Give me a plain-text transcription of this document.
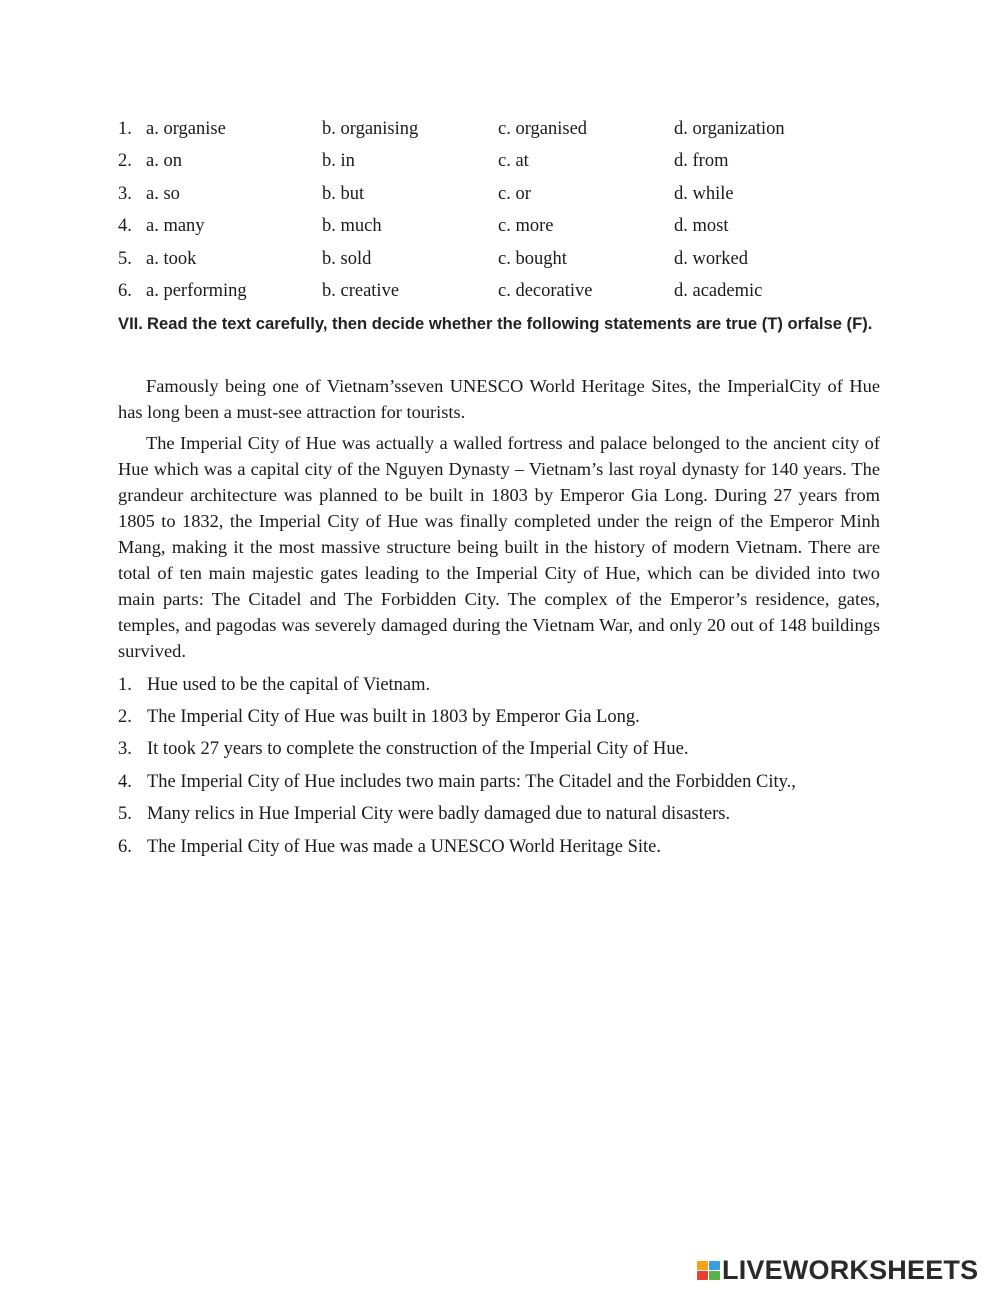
1. a. organise	b. organising	c. organised	d. organization
2. a. on	b. in	c. at	d. from
3. a. so	b. but	c. or	d. while
4. a. many	b. much	c. more	d. most
5. a. took	b. sold	c. bought	d. worked
6. a. performing	b. creative	c. decorative	d. academic
VII. Read the text carefully, then decide whether the following statements are true (T) orfalse (F).

Famously being one of Vietnam’sseven UNESCO World Heritage Sites, the ImperialCity of Hue has long been a must-see attraction for tourists.

The Imperial City of Hue was actually a walled fortress and palace belonged to the ancient city of Hue which was a capital city of the Nguyen Dynasty – Vietnam’s last royal dynasty for 140 years. The grandeur architecture was planned to be built in 1803 by Emperor Gia Long. During 27 years from 1805 to 1832, the Imperial City of Hue was finally completed under the reign of the Emperor Minh Mang, making it the most massive structure being built in the history of modern Vietnam. There are total of ten main majestic gates leading to the Imperial City of Hue, which can be divided into two main parts: The Citadel and The Forbidden City. The complex of the Emperor’s residence, gates, temples, and pagodas was severely damaged during the Vietnam War, and only 20 out of 148 buildings survived.

1. Hue used to be the capital of Vietnam.
2. The Imperial City of Hue was built in 1803 by Emperor Gia Long.
3. It took 27 years to complete the construction of the Imperial City of Hue.
4. The Imperial City of Hue includes two main parts: The Citadel and the Forbidden City.,
5. Many relics in Hue Imperial City were badly damaged due to natural disasters.
6. The Imperial City of Hue was made a UNESCO World Heritage Site.
LIVEWORKSHEETS
